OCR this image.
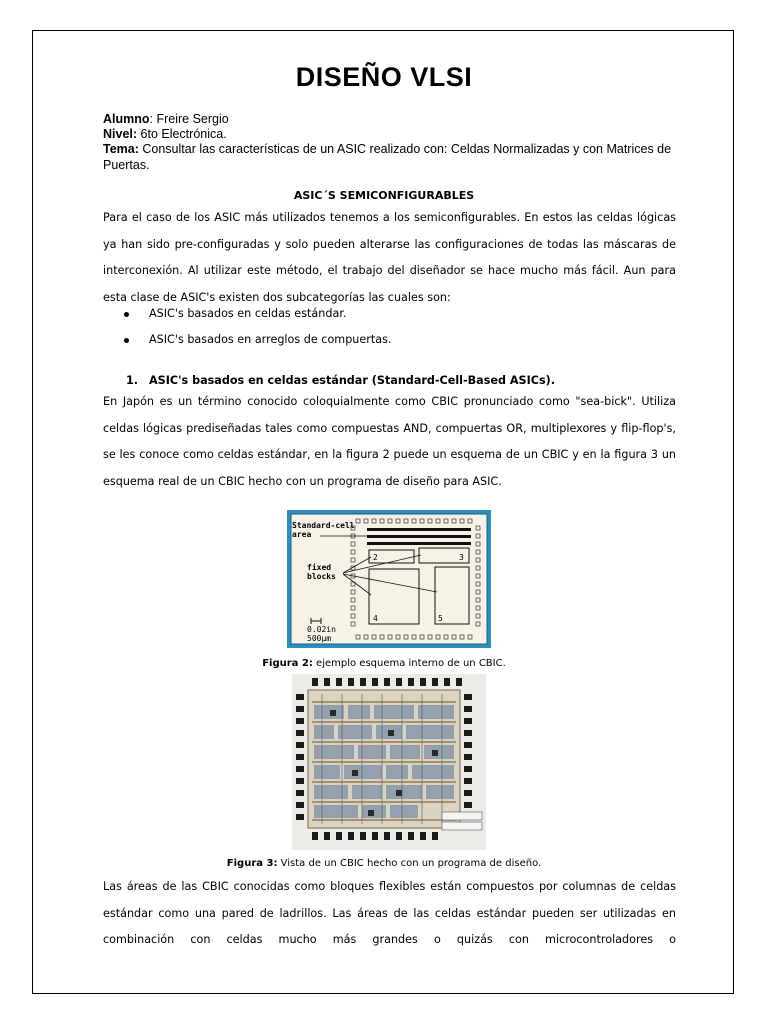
DISEÑO VLSI
Alumno: Freire Sergio
Nivel: 6to Electrónica.
Tema: Consultar las características de un ASIC realizado con: Celdas Normalizadas y con Matrices de Puertas.
ASIC´S SEMICONFIGURABLES
Para el caso de los ASIC más utilizados tenemos a los semiconfigurables. En estos las celdas lógicas ya han sido pre-configuradas y solo pueden alterarse las configuraciones de todas las máscaras de interconexión. Al utilizar este método, el trabajo del diseñador se hace mucho más fácil. Aun para esta clase de ASIC's existen dos subcategorías las cuales son:
ASIC's basados en celdas estándar.
ASIC's basados en arreglos de compuertas.
1. ASIC's basados en celdas estándar (Standard-Cell-Based ASICs).
En Japón es un término conocido coloquialmente como CBIC pronunciado como "sea-bick". Utiliza celdas lógicas prediseñadas tales como compuestas AND, compuertas OR, multiplexores y flip-flop's, se les conoce como celdas estándar, en la figura 2 puede un esquema de un CBIC y en la figura 3 un esquema real de un CBIC hecho con un programa de diseño para ASIC.
2	3
4	5
Standard-cell
area
fixed
blocks
0.02in
500μm
Figura 2: ejemplo esquema interno de un CBIC.
Figura 3: Vista de un CBIC hecho con un programa de diseño.
Las áreas de las CBIC conocidas como bloques flexibles están compuestos por columnas de celdas estándar como una pared de ladrillos. Las áreas de las celdas estándar pueden ser utilizadas en combinación con celdas mucho más grandes o quizás con microcontroladores o
